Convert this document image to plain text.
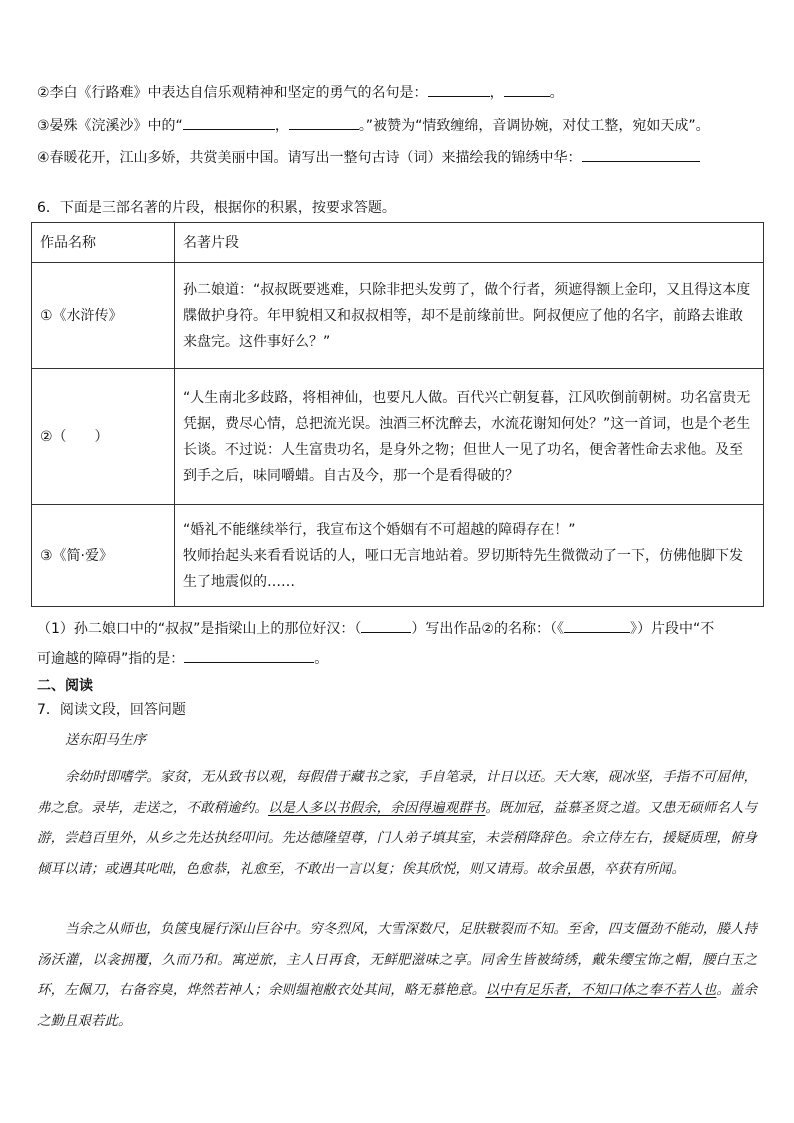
②李白《行路难》中表达自信乐观精神和坚定的勇气的名句是：	，	。
③晏殊《浣溪沙》中的“	，	。”被赞为“情致缠绵，音调协婉，对仗工整，宛如天成”。
④春暖花开，江山多娇，共赏美丽中国。请写出一整句古诗（词）来描绘我的锦绣中华：
6．下面是三部名著的片段，根据你的积累，按要求答题。
作品名称	名著片段
①《水浒传》	孙二娘道：“叔叔既要逃难，只除非把头发剪了，做个行者，须遮得额上金印，又且得这本度牒做护身符。年甲貌相又和叔叔相等，却不是前缘前世。阿叔便应了他的名字，前路去谁敢来盘完。这件事好么？”
②（　　）	“人生南北多歧路，将相神仙，也要凡人做。百代兴亡朝复暮，江风吹倒前朝树。功名富贵无凭据，费尽心情，总把流光误。浊酒三杯沈醉去，水流花谢知何处？”这一首词，也是个老生长谈。不过说：人生富贵功名，是身外之物；但世人一见了功名，便舍著性命去求他。及至到手之后，味同嚼蜡。自古及今，那一个是看得破的？
③《简·爱》	“婚礼不能继续举行，我宣布这个婚姻有不可超越的障碍存在！”
牧师抬起头来看看说话的人，哑口无言地站着。罗切斯特先生微微动了一下，仿佛他脚下发生了地震似的……
（1）孙二娘口中的“叔叔”是指梁山上的那位好汉：（	）写出作品②的名称：（《	》）片段中“不
可逾越的障碍”指的是：	。
二、阅读
7．阅读文段，回答问题
送东阳马生序
余幼时即嗜学。家贫，无从致书以观，每假借于藏书之家，手自笔录，计日以还。天大寒，砚冰坚，手指不可屈伸，弗之怠。录毕，走送之，不敢稍逾约。以是人多以书假余，余因得遍观群书。既加冠，益慕圣贤之道。又患无硕师名人与游，尝趋百里外，从乡之先达执经叩问。先达德隆望尊，门人弟子填其室，未尝稍降辞色。余立侍左右，援疑质理，俯身倾耳以请；或遇其叱咄，色愈恭，礼愈至，不敢出一言以复；俟其欣悦，则又请焉。故余虽愚，卒获有所闻。
当余之从师也，负箧曳屣行深山巨谷中。穷冬烈风，大雪深数尺，足肤皲裂而不知。至舍，四支僵劲不能动，媵人持汤沃灌，以衾拥覆，久而乃和。寓逆旅，主人日再食，无鲜肥滋味之享。同舍生皆被绮绣，戴朱缨宝饰之帽，腰白玉之环，左佩刀，右备容臭，烨然若神人；余则缊袍敝衣处其间，略无慕艳意。以中有足乐者，不知口体之奉不若人也。盖余之勤且艰若此。
